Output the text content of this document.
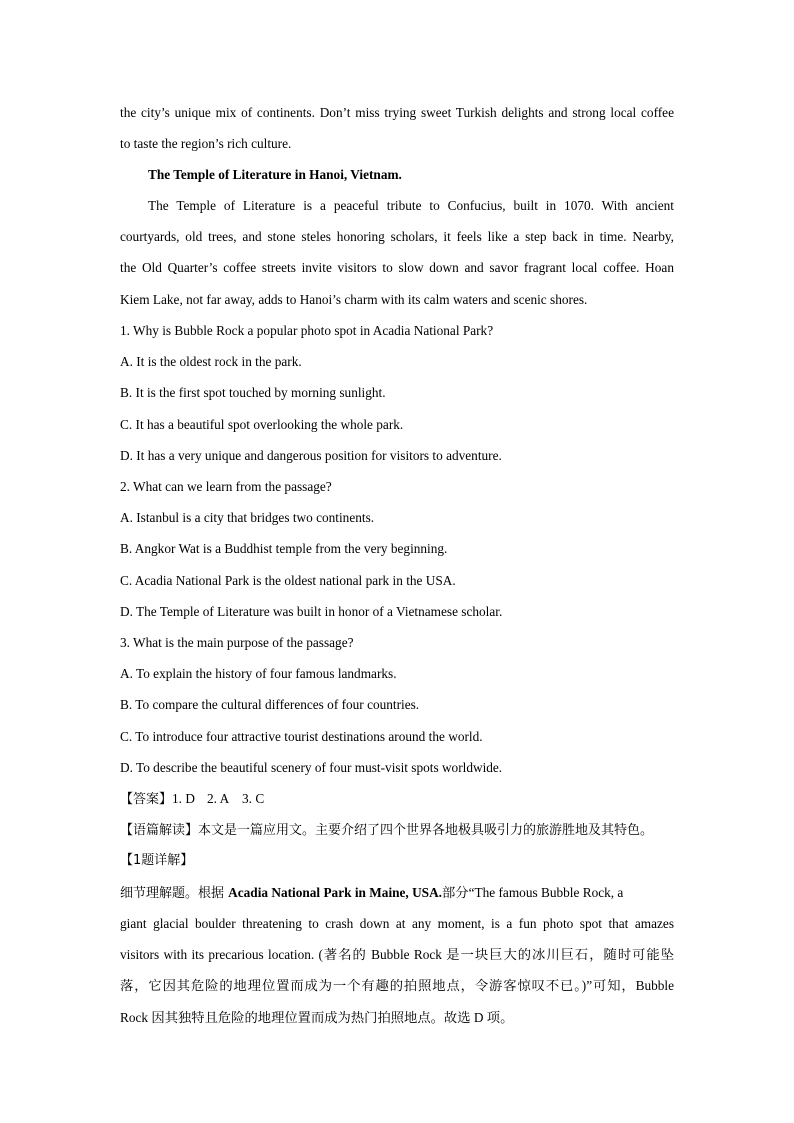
the city’s unique mix of continents. Don’t miss trying sweet Turkish delights and strong local coffee
to taste the region’s rich culture.
The Temple of Literature in Hanoi, Vietnam.
The Temple of Literature is a peaceful tribute to Confucius, built in 1070. With ancient
courtyards, old trees, and stone steles honoring scholars, it feels like a step back in time. Nearby,
the Old Quarter’s coffee streets invite visitors to slow down and savor fragrant local coffee. Hoan
Kiem Lake, not far away, adds to Hanoi’s charm with its calm waters and scenic shores.
1. Why is Bubble Rock a popular photo spot in Acadia National Park?
A. It is the oldest rock in the park.
B. It is the first spot touched by morning sunlight.
C. It has a beautiful spot overlooking the whole park.
D. It has a very unique and dangerous position for visitors to adventure.
2. What can we learn from the passage?
A. Istanbul is a city that bridges two continents.
B. Angkor Wat is a Buddhist temple from the very beginning.
C. Acadia National Park is the oldest national park in the USA.
D. The Temple of Literature was built in honor of a Vietnamese scholar.
3. What is the main purpose of the passage?
A. To explain the history of four famous landmarks.
B. To compare the cultural differences of four countries.
C. To introduce four attractive tourist destinations around the world.
D. To describe the beautiful scenery of four must-visit spots worldwide.
【答案】1. D 2. A 3. C
【语篇解读】本文是一篇应用文。主要介绍了四个世界各地极具吸引力的旅游胜地及其特色。
【1题详解】
细节理解题。根据 Acadia National Park in Maine, USA.部分“The famous Bubble Rock, a
giant glacial boulder threatening to crash down at any moment, is a fun photo spot that amazes
visitors with its precarious location. (著名的 Bubble Rock 是一块巨大的冰川巨石，随时可能坠
落，它因其危险的地理位置而成为一个有趣的拍照地点，令游客惊叹不已。)”可知，Bubble
Rock 因其独特且危险的地理位置而成为热门拍照地点。故选 D 项。
